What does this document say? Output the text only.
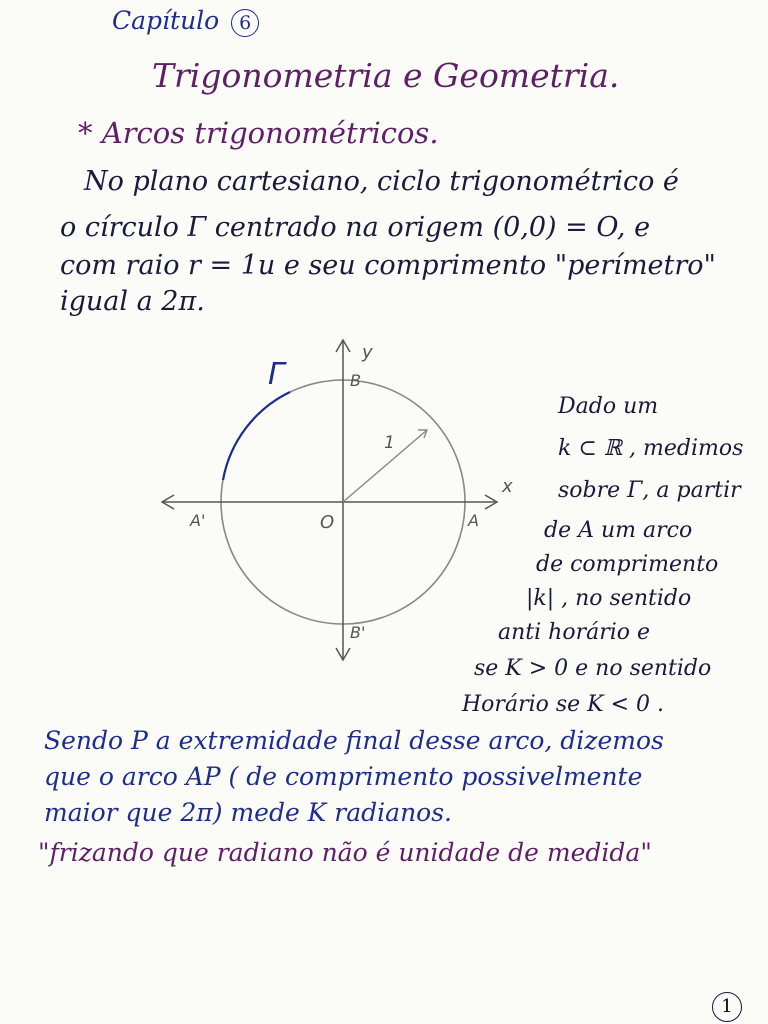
Capítulo 6
Trigonometria e Geometria.
* Arcos trigonométricos.
No plano cartesiano, ciclo trigonométrico é
o círculo Γ centrado na origem (0,0) = O, e
com raio r = 1u e seu comprimento "perímetro"
igual a 2π.
Γ
y
x
O
1
B
B'
A
A'
Dado um
k ⊂ ℝ , medimos
sobre Γ, a partir
de A um arco
de comprimento
|k| , no sentido
anti horário e
se K > 0 e no sentido
Horário se K < 0 .
Sendo P a extremidade final desse arco, dizemos
que o arco AP ( de comprimento possivelmente
maior que 2π) mede K radianos.
"frizando que radiano não é unidade de medida"
1
